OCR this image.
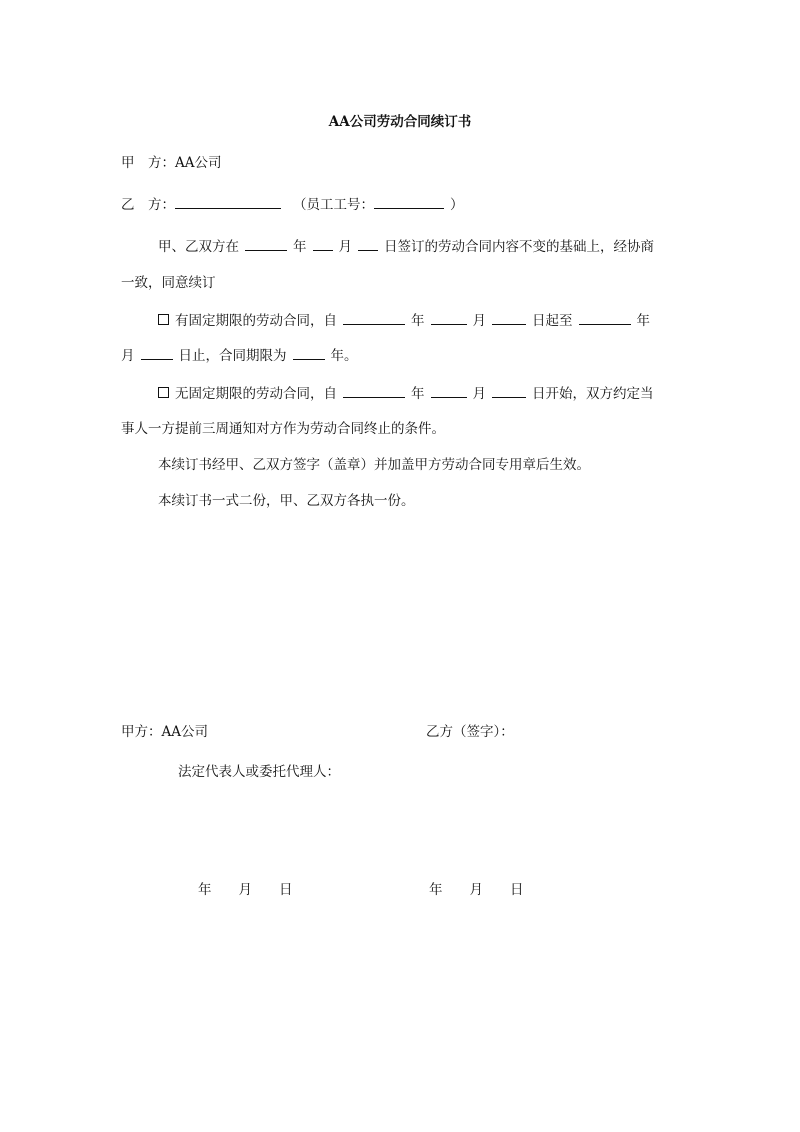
AA公司劳动合同续订书
甲　方：AA公司
乙　方：	（员工工号：	）
甲、乙双方在	年 月 日签订的劳动合同内容不变的基础上，经协商
一致，同意续订
有固定期限的劳动合同，自	年	月	日起至	年
月	日止，合同期限为	年。
无固定期限的劳动合同，自	年	月	日开始，双方约定当
事人一方提前三周通知对方作为劳动合同终止的条件。
本续订书经甲、乙双方签字（盖章）并加盖甲方劳动合同专用章后生效。
本续订书一式二份，甲、乙双方各执一份。
甲方：AA公司	乙方（签字）：
法定代表人或委托代理人：
年 月 日	年 月 日
